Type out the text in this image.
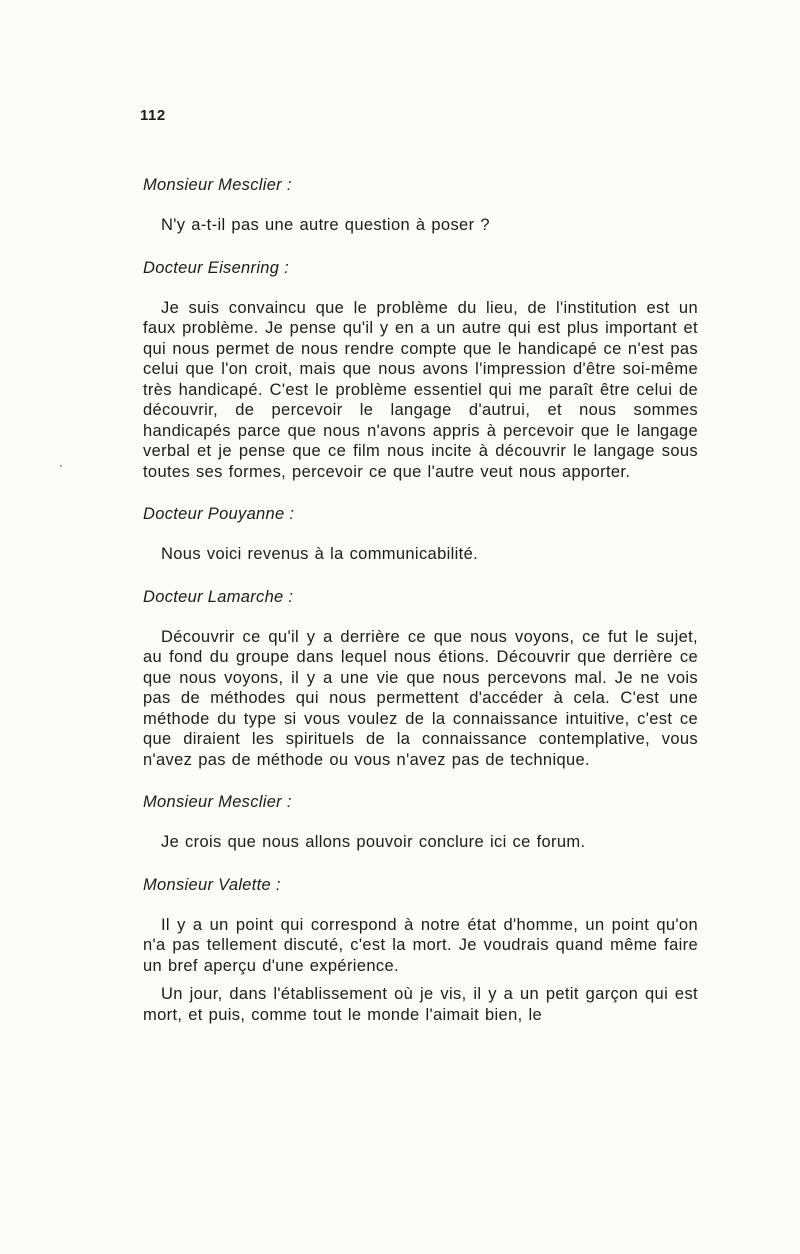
112
Monsieur Mesclier :

N'y a-t-il pas une autre question à poser ?

Docteur Eisenring :

Je suis convaincu que le problème du lieu, de l'institution est un faux problème. Je pense qu'il y en a un autre qui est plus important et qui nous permet de nous rendre compte que le handicapé ce n'est pas celui que l'on croit, mais que nous avons l'impression d'être soi-même très handicapé. C'est le problème essentiel qui me paraît être celui de découvrir, de percevoir le langage d'autrui, et nous sommes handicapés parce que nous n'avons appris à percevoir que le langage verbal et je pense que ce film nous incite à découvrir le langage sous toutes ses formes, percevoir ce que l'autre veut nous apporter.

Docteur Pouyanne :

Nous voici revenus à la communicabilité.

Docteur Lamarche :

Découvrir ce qu'il y a derrière ce que nous voyons, ce fut le sujet, au fond du groupe dans lequel nous étions. Découvrir que derrière ce que nous voyons, il y a une vie que nous percevons mal. Je ne vois pas de méthodes qui nous permettent d'accéder à cela. C'est une méthode du type si vous voulez de la connaissance intuitive, c'est ce que diraient les spirituels de la connaissance contemplative, vous n'avez pas de méthode ou vous n'avez pas de technique.

Monsieur Mesclier :

Je crois que nous allons pouvoir conclure ici ce forum.

Monsieur Valette :

Il y a un point qui correspond à notre état d'homme, un point qu'on n'a pas tellement discuté, c'est la mort. Je voudrais quand même faire un bref aperçu d'une expérience.

Un jour, dans l'établissement où je vis, il y a un petit garçon qui est mort, et puis, comme tout le monde l'aimait bien, le
